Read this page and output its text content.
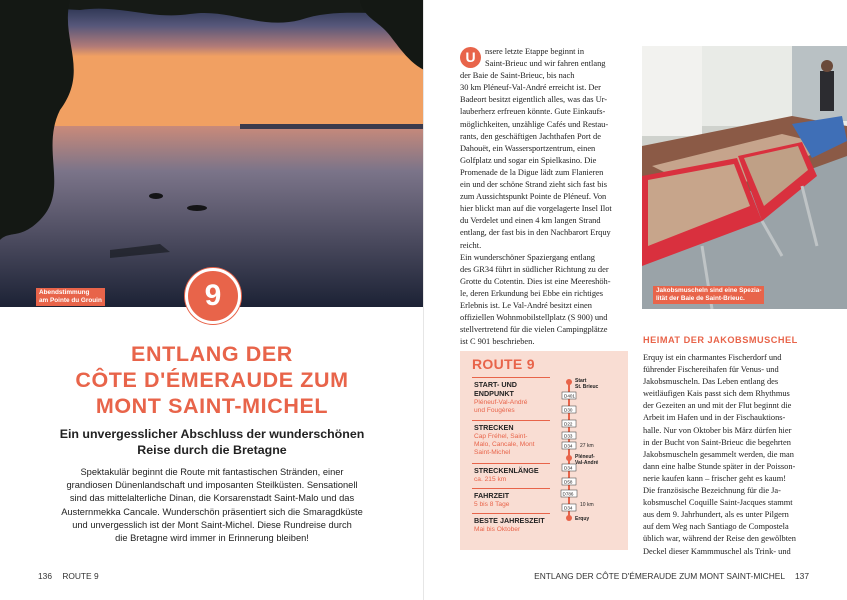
Abendstimmung
am Pointe du Grouin	9
ENTLANG DER
CÔTE D'ÉMERAUDE ZUM
MONT SAINT-MICHEL
Ein unvergesslicher Abschluss der wunderschönen
Reise durch die Bretagne
Spektakulär beginnt die Route mit fantastischen Stränden, einer
grandiosen Dünenlandschaft und imposanten Steilküsten. Sensationell
sind das mittelalterliche Dinan, die Korsarenstadt Saint-Malo und das
Austernmekka Cancale. Wunderschön präsentiert sich die Smaragdküste
und unvergesslich ist der Mont Saint-Michel. Diese Rundreise durch
die Bretagne wird immer in Erinnerung bleiben!
136 ROUTE 9
U	nsere letzte Etappe beginnt in

Saint-Brieuc und wir fahren entlang

der Baie de Saint-Brieuc, bis nach

30 km Pléneuf-Val-André erreicht ist. Der

Badeort besitzt eigentlich alles, was das Ur-

lauberherz erfreuen könnte. Gute Einkaufs-

möglichkeiten, unzählige Cafés und Restau-

rants, den geschäftigen Jachthafen Port de

Dahouët, ein Wassersportzentrum, einen

Golfplatz und sogar ein Spielkasino. Die

Promenade de la Digue lädt zum Flanieren

ein und der schöne Strand zieht sich fast bis

zum Aussichtspunkt Pointe de Pléneuf. Von

hier blickt man auf die vorgelagerte Insel Ilot

du Verdelet und einen 4 km langen Strand

entlang, der fast bis in den Nachbarort Erquy

reicht.

Ein wunderschöner Spaziergang entlang

des GR34 führt in südlicher Richtung zu der

Grotte du Cotentin. Dies ist eine Meereshöh-

le, deren Erkundung bei Ebbe ein richtiges

Erlebnis ist. Le Val-André besitzt einen

offiziellen Wohnmobilstellplatz (S 900) und

stellvertretend für die vielen Campingplätze

ist C 901 beschrieben.

Jakobsmuscheln sind eine Spezia-
lität der Baie de Saint-Brieuc.
ROUTE 9
START- UND
ENDPUNKT
Pléneuf-Val-André
und Fougères
STRECKEN
Cap Fréhel, Saint-
Malo, Cancale, Mont
Saint-Michel
STRECKENLÄNGE
ca. 215 km
FAHRZEIT
5 bis 8 Tage
BESTE JAHRESZEIT
Mai bis Oktober
Start
St. Brieuc
D401
D30
D22
D33
D34
D34
D58
D786
D34
27 km
Pléneuf-
Val-André
10 km
Erquy
HEIMAT DER JAKOBSMUSCHEL

Erquy ist ein charmantes Fischerdorf und

führender Fischereihafen für Venus- und

Jakobsmuscheln. Das Leben entlang des

weitläufigen Kais passt sich dem Rhythmus

der Gezeiten an und mit der Flut beginnt die

Arbeit im Hafen und in der Fischauktions-

halle. Nur von Oktober bis März dürfen hier

in der Bucht von Saint-Brieuc die begehrten

Jakobsmuscheln gesammelt werden, die man

dann eine halbe Stunde später in der Poisson-

nerie kaufen kann – frischer geht es kaum!

Die französische Bezeichnung für die Ja-

kobsmuschel Coquille Saint-Jacques stammt

aus dem 9. Jahrhundert, als es unter Pilgern

auf dem Weg nach Santiago de Compostela

üblich war, während der Reise den gewölbten

Deckel dieser Kammmuschel als Trink- und

ENTLANG DER CÔTE D'ÉMERAUDE ZUM MONT SAINT-MICHEL 137
